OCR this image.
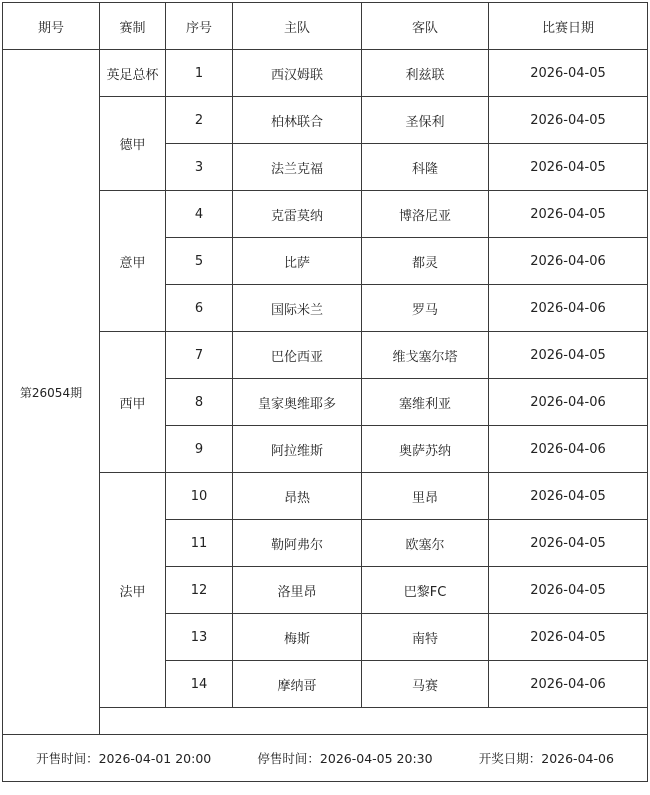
期号	赛制	序号	主队	客队	比赛日期
第26054期	英足总杯	1	西汉姆联	利兹联	2026-04-05
	德甲	2	柏林联合	圣保利	2026-04-05
		3	法兰克福	科隆	2026-04-05
	意甲	4	克雷莫纳	博洛尼亚	2026-04-05
		5	比萨	都灵	2026-04-06
		6	国际米兰	罗马	2026-04-06
	西甲	7	巴伦西亚	维戈塞尔塔	2026-04-05
		8	皇家奥维耶多	塞维利亚	2026-04-06
		9	阿拉维斯	奥萨苏纳	2026-04-06
	法甲	10	昂热	里昂	2026-04-05
		11	勒阿弗尔	欧塞尔	2026-04-05
		12	洛里昂	巴黎FC	2026-04-05
		13	梅斯	南特	2026-04-05
		14	摩纳哥	马赛	2026-04-06

开售时间：2026-04-01 20:00 停售时间：2026-04-05 20:30 开奖日期：2026-04-06					
